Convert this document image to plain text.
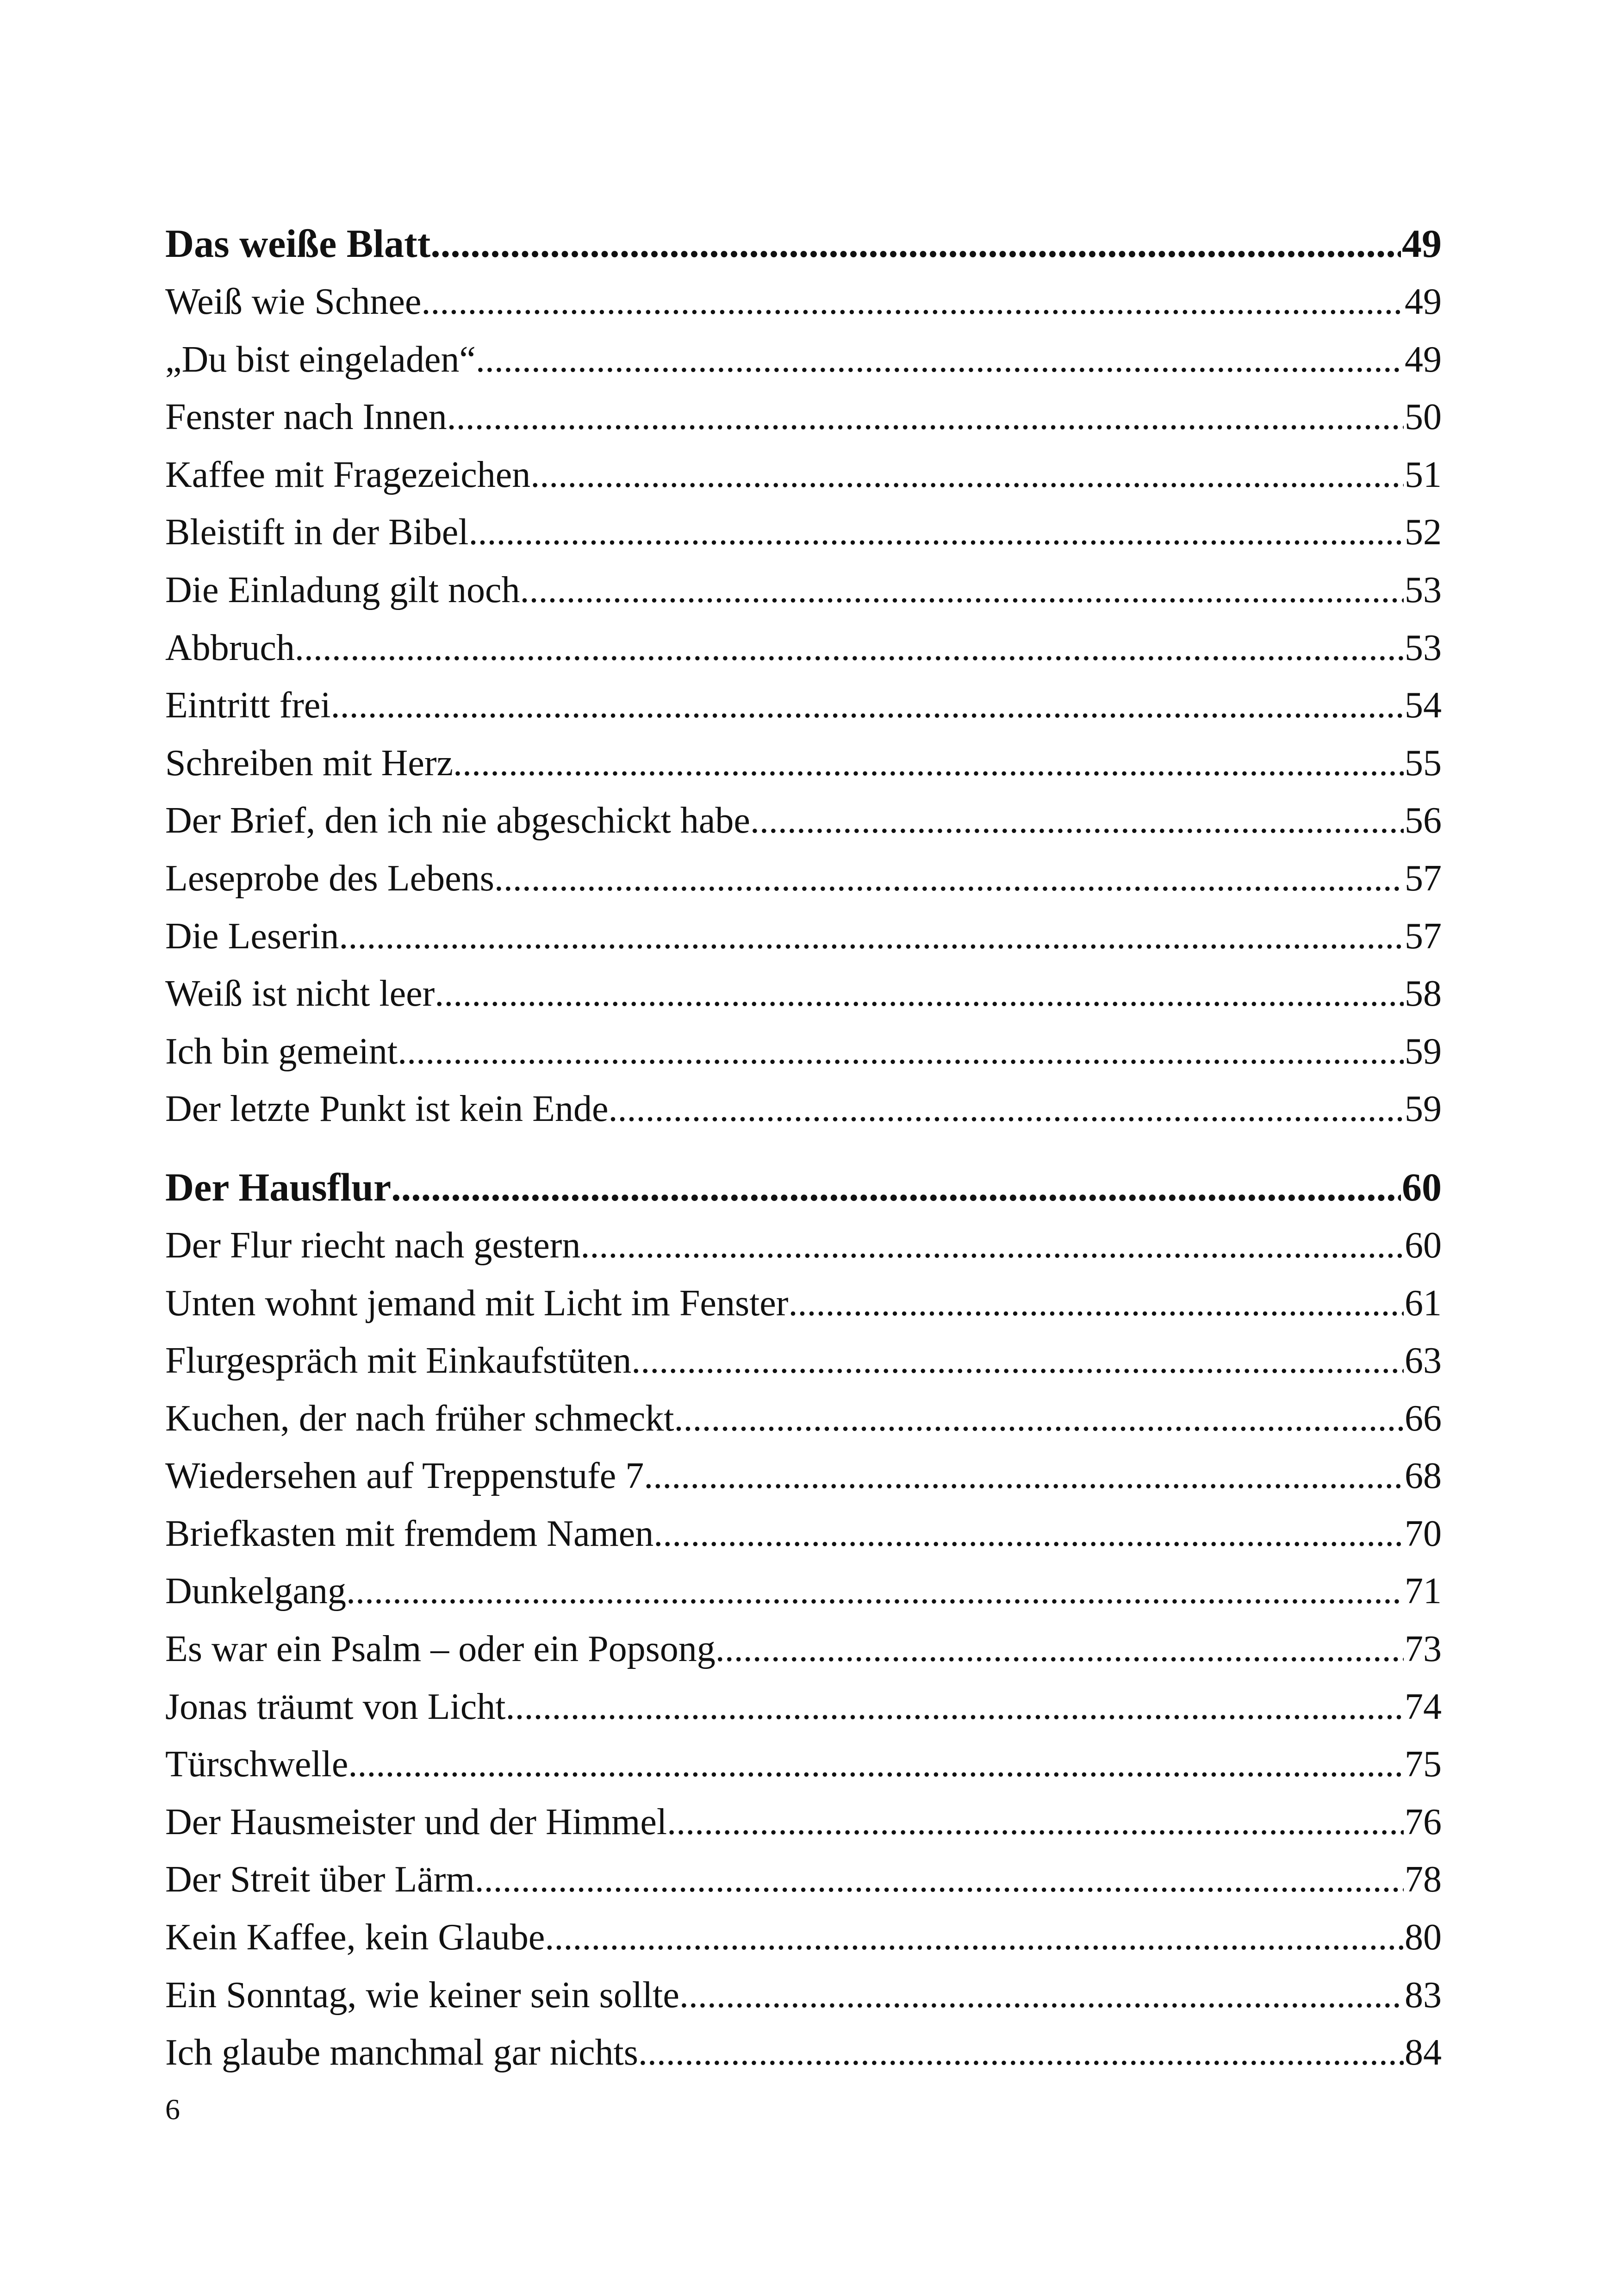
Das weiße Blatt .....	49
Weiß wie Schnee .....	49
„Du bist eingeladen“ .....	49
Fenster nach Innen .....	50
Kaffee mit Fragezeichen .....	51
Bleistift in der Bibel .....	52
Die Einladung gilt noch .....	53
Abbruch .....	53
Eintritt frei .....	54
Schreiben mit Herz .....	55
Der Brief, den ich nie abgeschickt habe .....	56
Leseprobe des Lebens .....	57
Die Leserin .....	57
Weiß ist nicht leer .....	58
Ich bin gemeint .....	59
Der letzte Punkt ist kein Ende .....	59
Der Hausflur .....	60
Der Flur riecht nach gestern .....	60
Unten wohnt jemand mit Licht im Fenster .....	61
Flurgespräch mit Einkaufstüten .....	63
Kuchen, der nach früher schmeckt .....	66
Wiedersehen auf Treppenstufe 7 .....	68
Briefkasten mit fremdem Namen .....	70
Dunkelgang .....	71
Es war ein Psalm – oder ein Popsong .....	73
Jonas träumt von Licht .....	74
Türschwelle .....	75
Der Hausmeister und der Himmel .....	76
Der Streit über Lärm .....	78
Kein Kaffee, kein Glaube .....	80
Ein Sonntag, wie keiner sein sollte .....	83
Ich glaube manchmal gar nichts .....	84
6
